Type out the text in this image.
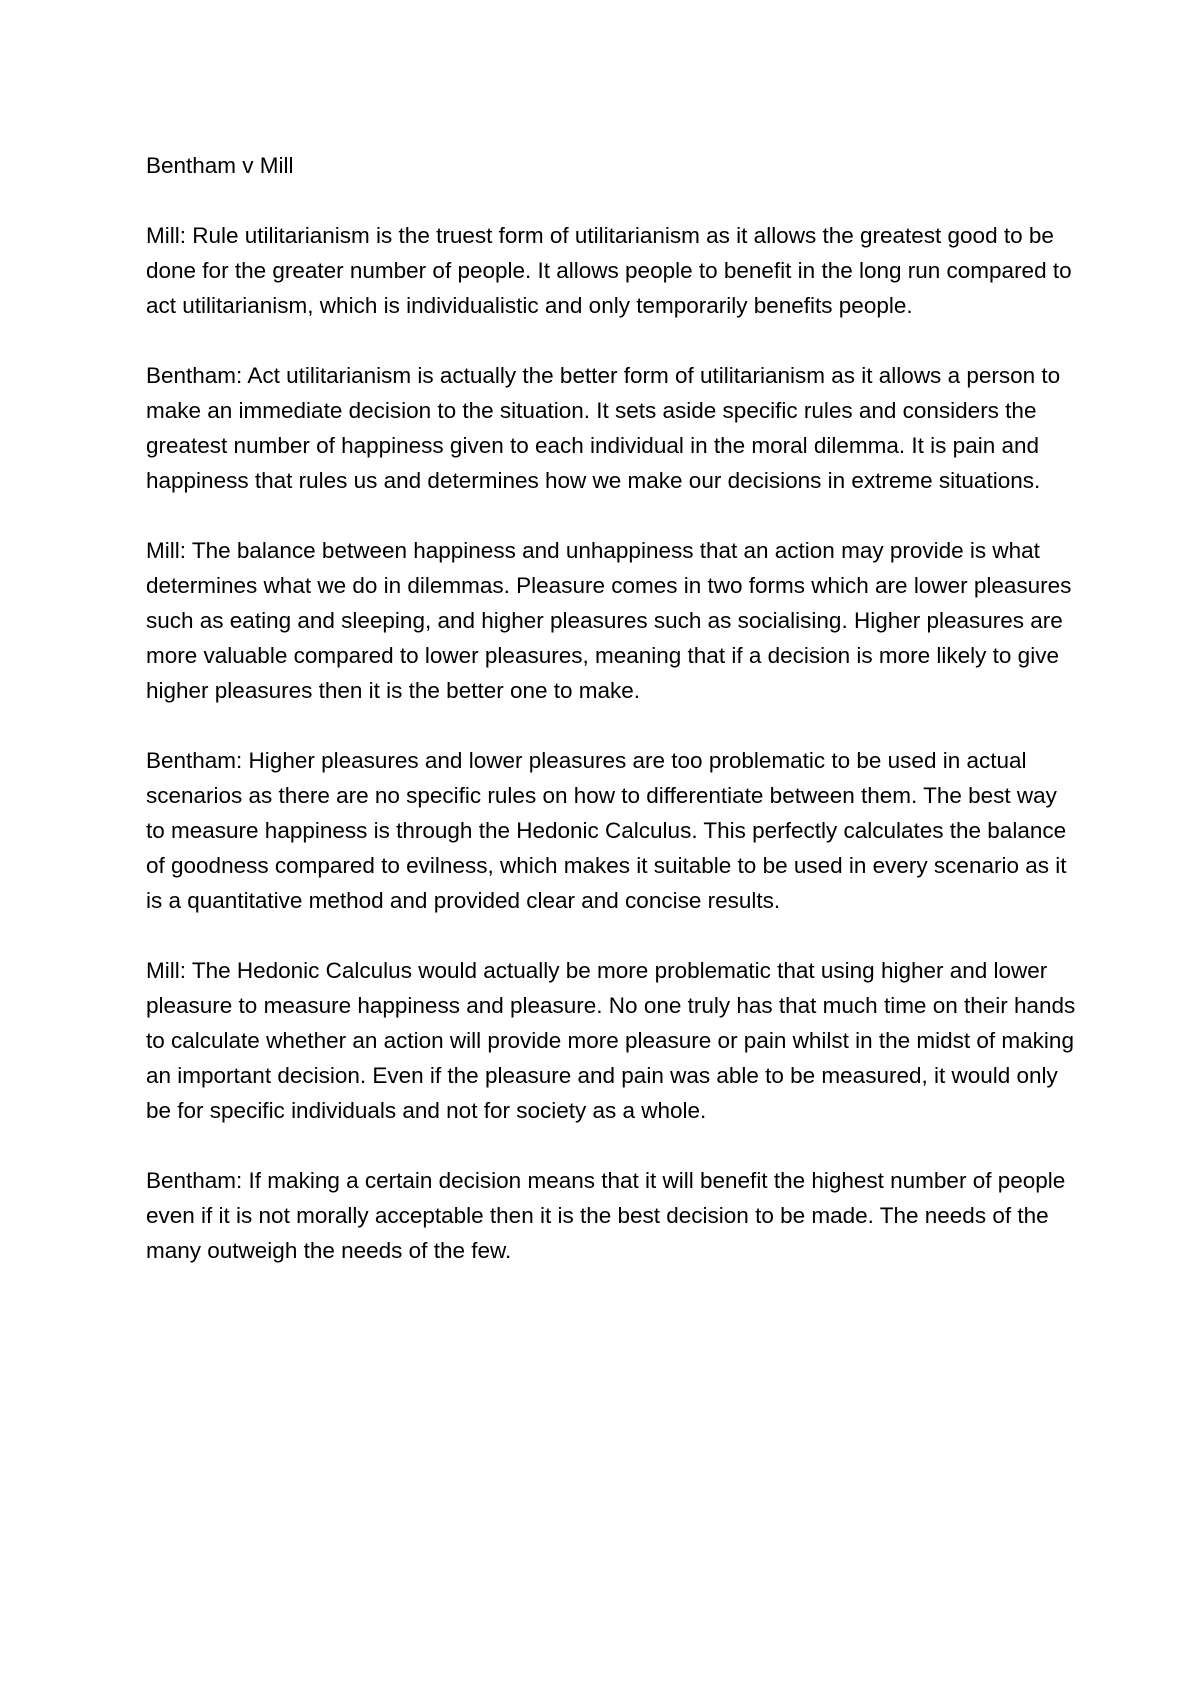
Bentham v Mill

Mill: Rule utilitarianism is the truest form of utilitarianism as it allows the greatest good to be done for the greater number of people. It allows people to benefit in the long run compared to act utilitarianism, which is individualistic and only temporarily benefits people.

Bentham: Act utilitarianism is actually the better form of utilitarianism as it allows a person to make an immediate decision to the situation. It sets aside specific rules and considers the greatest number of happiness given to each individual in the moral dilemma. It is pain and happiness that rules us and determines how we make our decisions in extreme situations.

Mill: The balance between happiness and unhappiness that an action may provide is what determines what we do in dilemmas. Pleasure comes in two forms which are lower pleasures such as eating and sleeping, and higher pleasures such as socialising. Higher pleasures are more valuable compared to lower pleasures, meaning that if a decision is more likely to give higher pleasures then it is the better one to make.

Bentham: Higher pleasures and lower pleasures are too problematic to be used in actual scenarios as there are no specific rules on how to differentiate between them. The best way to measure happiness is through the Hedonic Calculus. This perfectly calculates the balance of goodness compared to evilness, which makes it suitable to be used in every scenario as it is a quantitative method and provided clear and concise results.

Mill: The Hedonic Calculus would actually be more problematic that using higher and lower pleasure to measure happiness and pleasure. No one truly has that much time on their hands to calculate whether an action will provide more pleasure or pain whilst in the midst of making an important decision. Even if the pleasure and pain was able to be measured, it would only be for specific individuals and not for society as a whole.

Bentham: If making a certain decision means that it will benefit the highest number of people even if it is not morally acceptable then it is the best decision to be made. The needs of the many outweigh the needs of the few.
